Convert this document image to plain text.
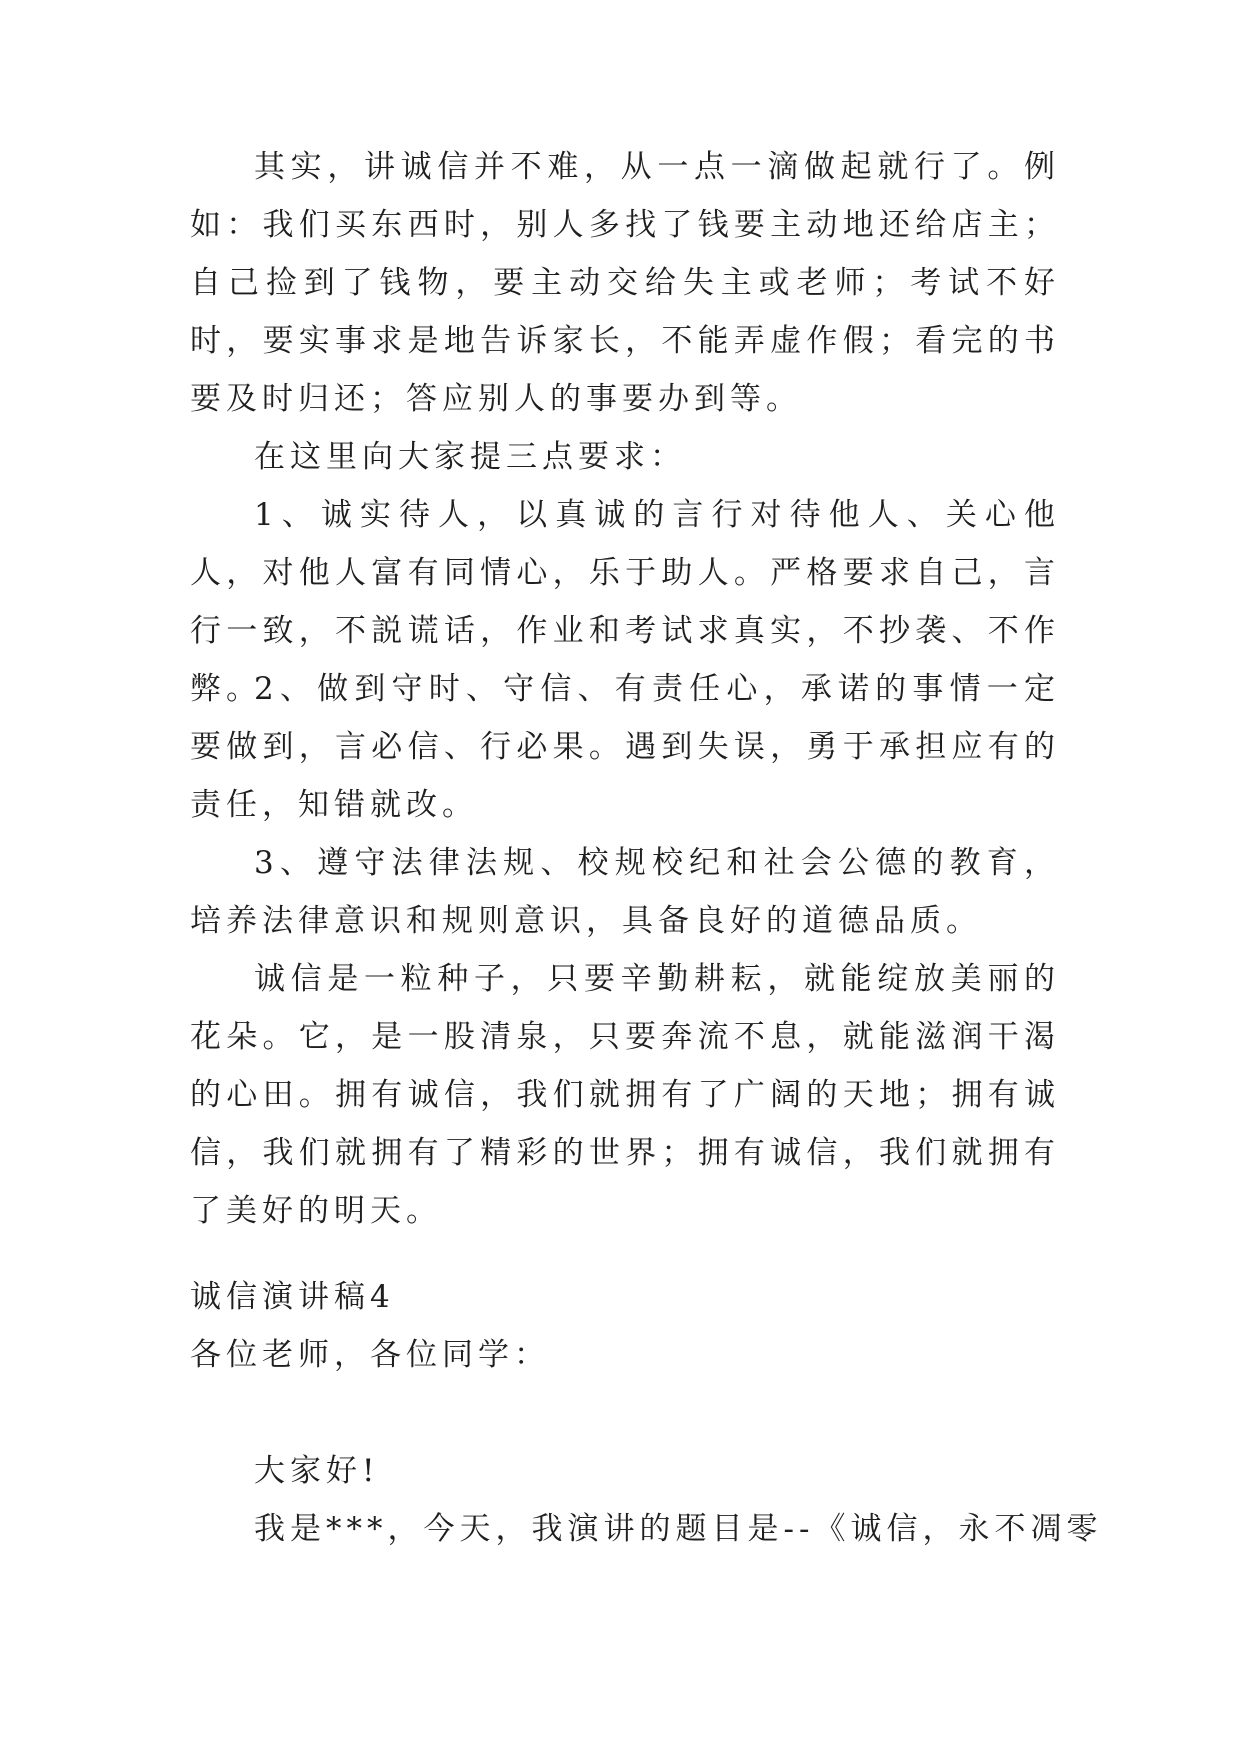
其实，讲诚信并不难，从一点一滴做起就行了。例如：我们买东西时，别人多找了钱要主动地还给店主；自己捡到了钱物，要主动交给失主或老师；考试不好时，要实事求是地告诉家长，不能弄虚作假；看完的书要及时归还；答应别人的事要办到等。

在这里向大家提三点要求：

1、诚实待人，以真诚的言行对待他人、关心他人，对他人富有同情心，乐于助人。严格要求自己，言行一致，不説谎话，作业和考试求真实，不抄袭、不作弊。

2、做到守时、守信、有责任心，承诺的事情一定要做到，言必信、行必果。遇到失误，勇于承担应有的责任，知错就改。

3、遵守法律法规、校规校纪和社会公德的教育，培养法律意识和规则意识，具备良好的道德品质。

诚信是一粒种子，只要辛勤耕耘，就能绽放美丽的花朵。它，是一股清泉，只要奔流不息，就能滋润干渴的心田。拥有诚信，我们就拥有了广阔的天地；拥有诚信，我们就拥有了精彩的世界；拥有诚信，我们就拥有了美好的明天。

诚信演讲稿4

各位老师，各位同学：

大家好!

我是***，今天，我演讲的题目是--《诚信，永不凋零
